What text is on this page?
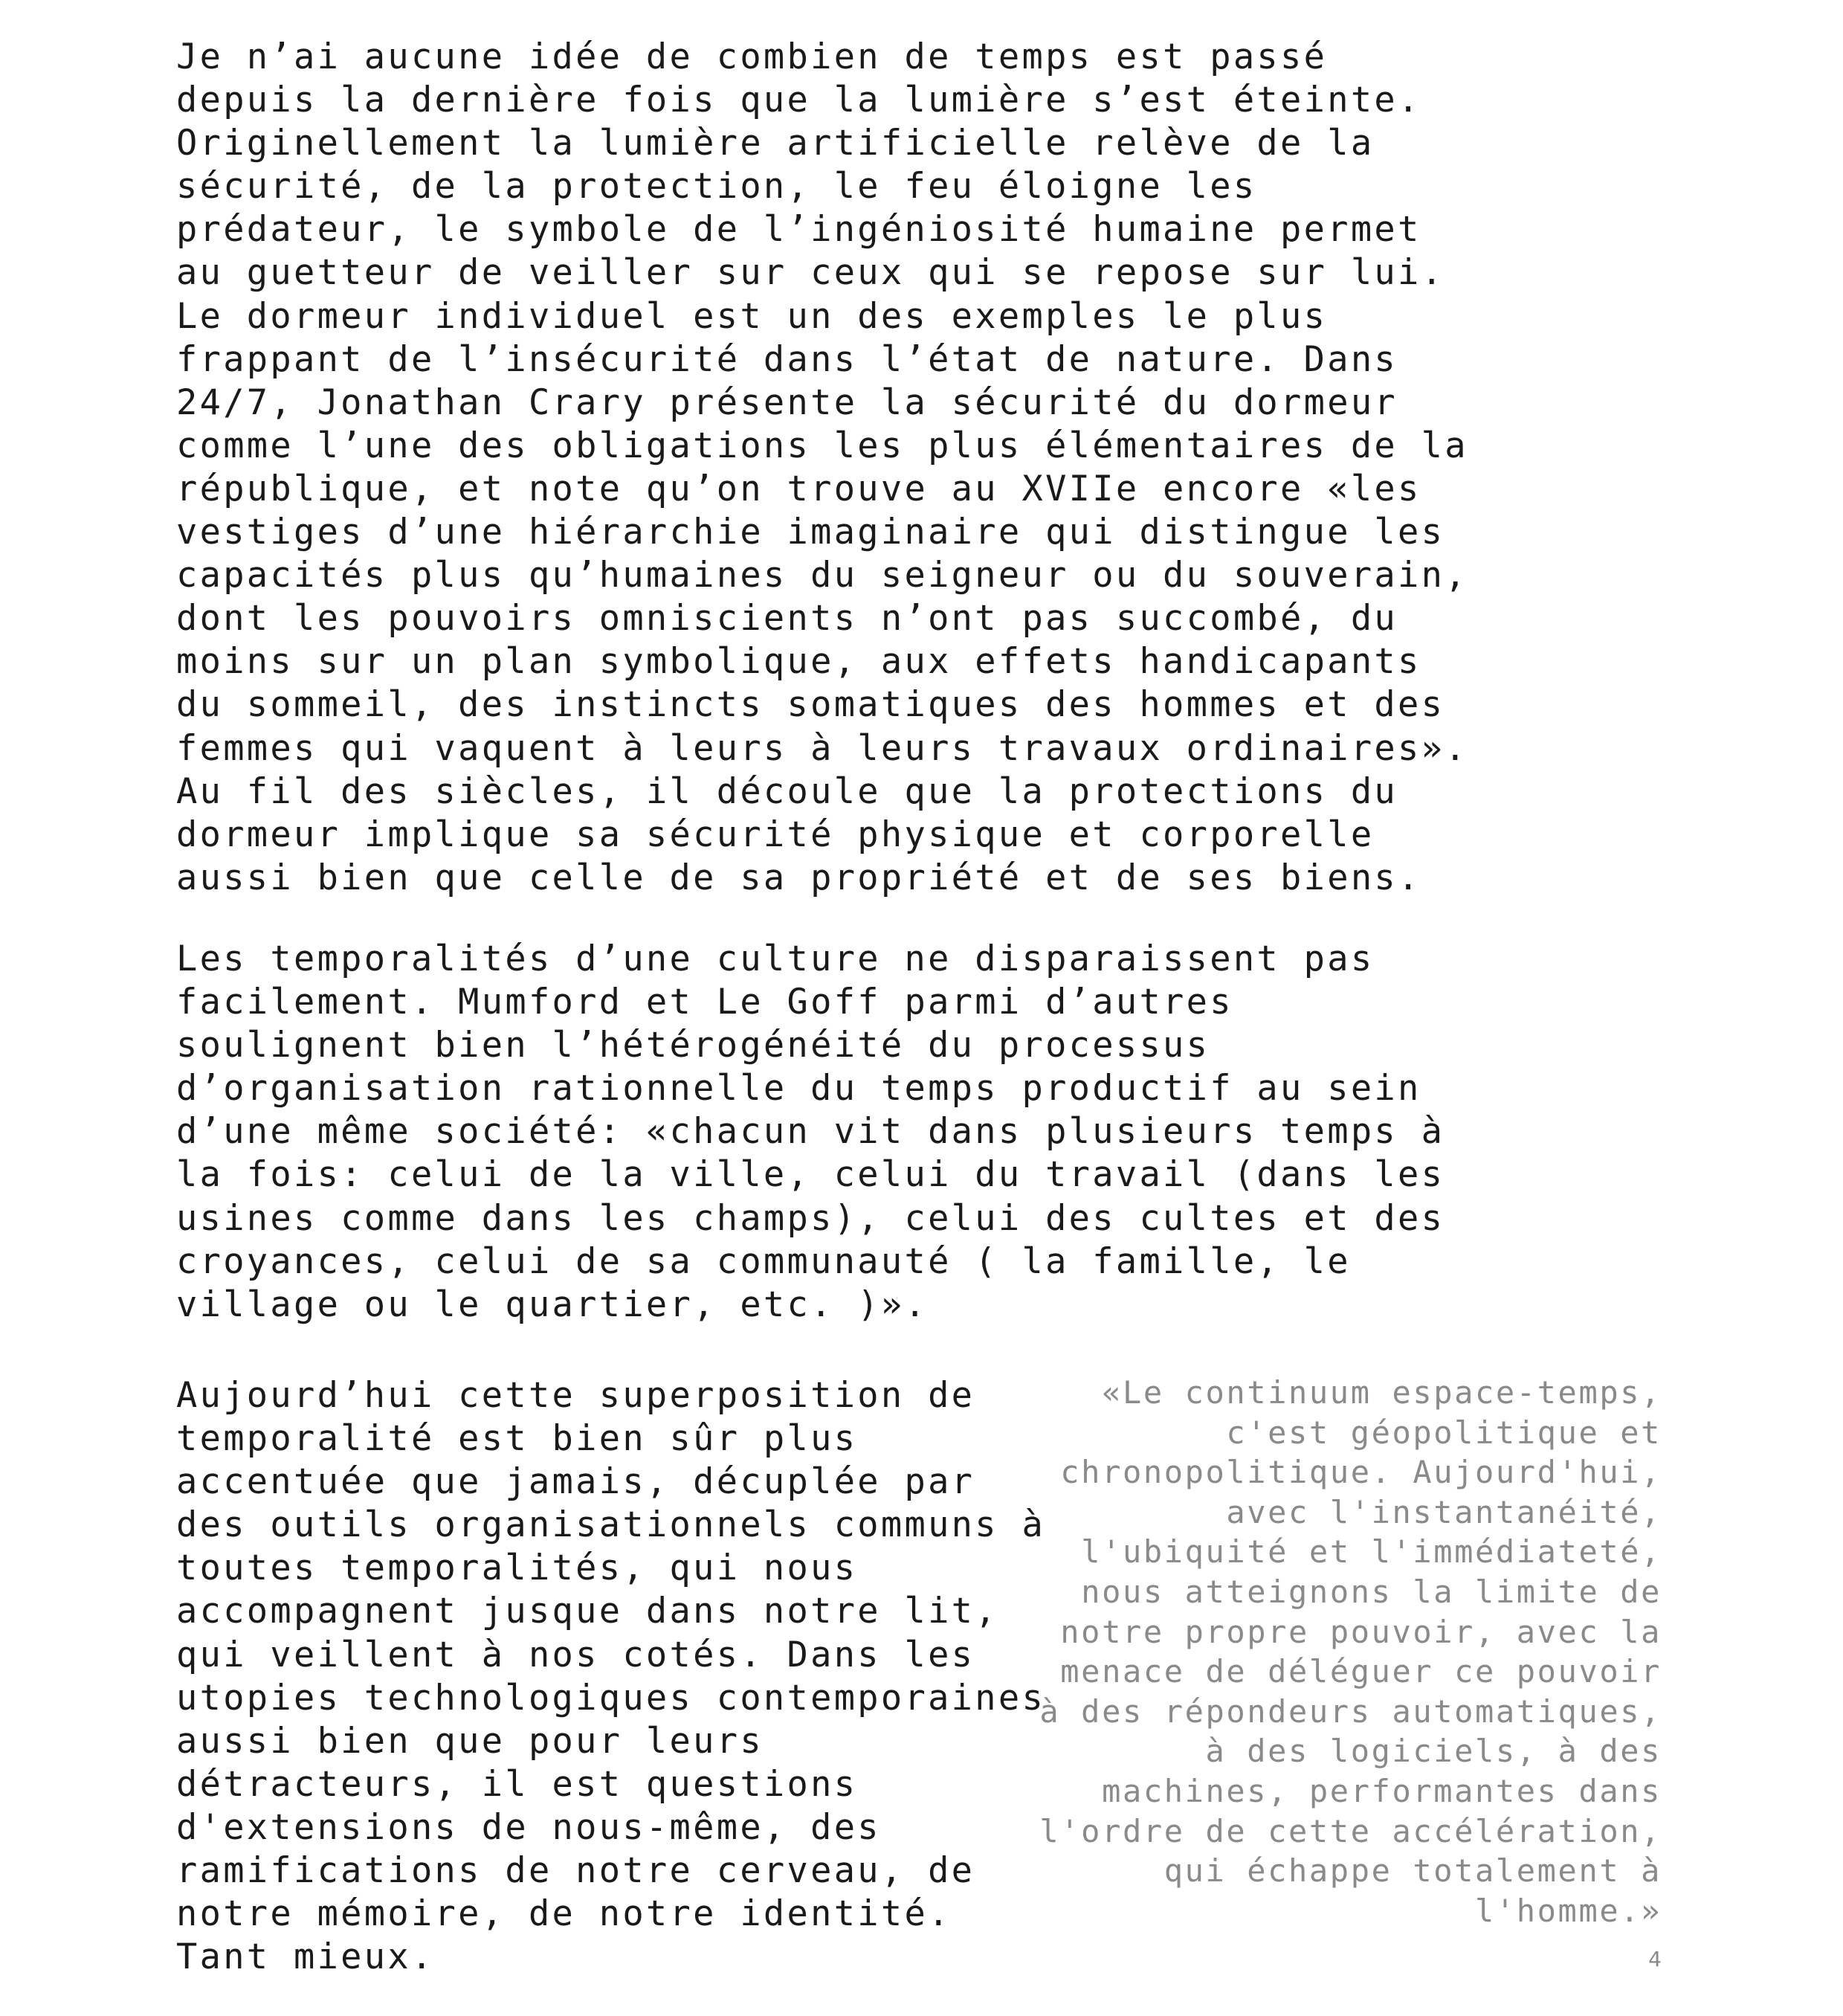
Je n’ai aucune idée de combien de temps est passé
depuis la dernière fois que la lumière s’est éteinte.
Originellement la lumière artificielle relève de la
sécurité, de la protection, le feu éloigne les
prédateur, le symbole de l’ingéniosité humaine permet
au guetteur de veiller sur ceux qui se repose sur lui.
Le dormeur individuel est un des exemples le plus
frappant de l’insécurité dans l’état de nature. Dans
24/7, Jonathan Crary présente la sécurité du dormeur
comme l’une des obligations les plus élémentaires de la
république, et note qu’on trouve au XVIIe encore «les
vestiges d’une hiérarchie imaginaire qui distingue les
capacités plus qu’humaines du seigneur ou du souverain,
dont les pouvoirs omniscients n’ont pas succombé, du
moins sur un plan symbolique, aux effets handicapants
du sommeil, des instincts somatiques des hommes et des
femmes qui vaquent à leurs à leurs travaux ordinaires».
Au fil des siècles, il découle que la protections du
dormeur implique sa sécurité physique et corporelle
aussi bien que celle de sa propriété et de ses biens.
Les temporalités d’une culture ne disparaissent pas
facilement. Mumford et Le Goff parmi d’autres
soulignent bien l’hétérogénéité du processus
d’organisation rationnelle du temps productif au sein
d’une même société: «chacun vit dans plusieurs temps à
la fois: celui de la ville, celui du travail (dans les
usines comme dans les champs), celui des cultes et des
croyances, celui de sa communauté ( la famille, le
village ou le quartier, etc. )».
Aujourd’hui cette superposition de
temporalité est bien sûr plus
accentuée que jamais, décuplée par
des outils organisationnels communs à
toutes temporalités, qui nous
accompagnent jusque dans notre lit,
qui veillent à nos cotés. Dans les
utopies technologiques contemporaines
aussi bien que pour leurs
détracteurs, il est questions
d'extensions de nous-même, des
ramifications de notre cerveau, de
notre mémoire, de notre identité.
Tant mieux.
«Le continuum espace-temps,
c'est géopolitique et
chronopolitique. Aujourd'hui,
avec l'instantanéité,
l'ubiquité et l'immédiateté,
nous atteignons la limite de
notre propre pouvoir, avec la
menace de déléguer ce pouvoir
à des répondeurs automatiques,
à des logiciels, à des
machines, performantes dans
l'ordre de cette accélération,
qui échappe totalement à
l'homme.»
4
